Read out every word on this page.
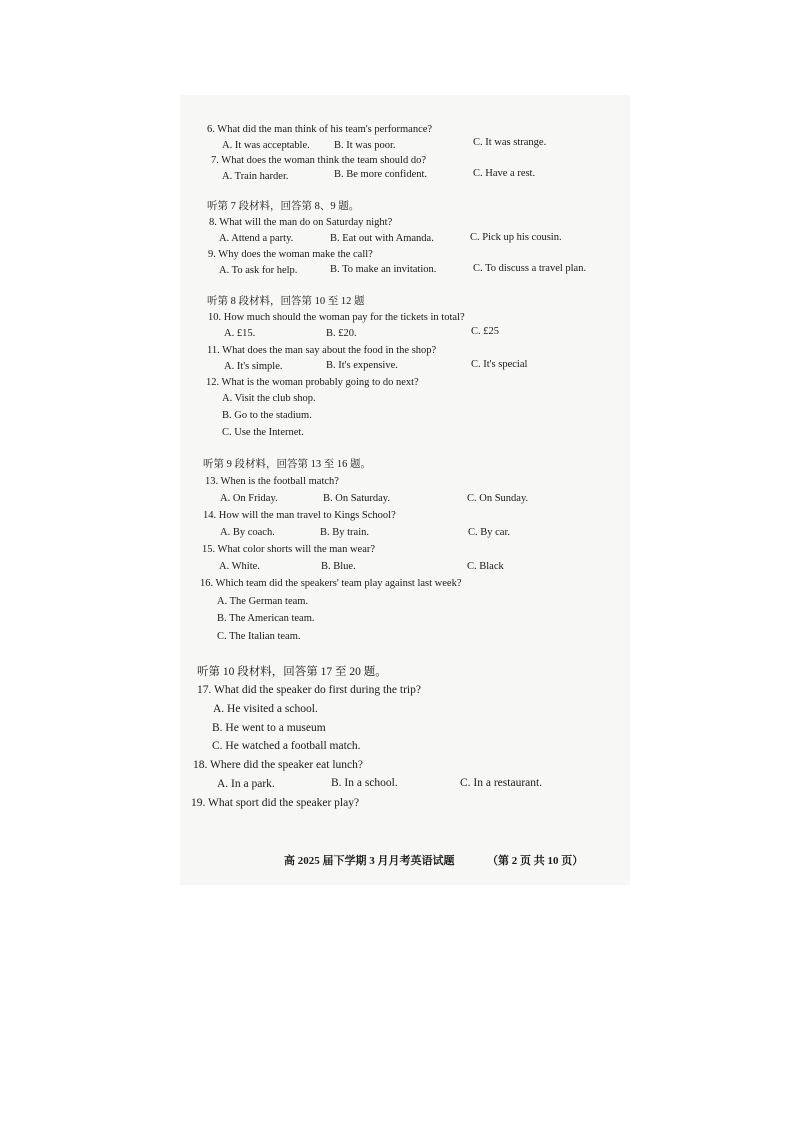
6. What did the man think of his team's performance?
A. It was acceptable. B. It was poor.	C. It was strange.
7. What does the woman think the team should do?
A. Train harder.	B. Be more confident.	C. Have a rest.
听第 7 段材料，回答第 8、9 题。
8. What will the man do on Saturday night?
A. Attend a party.	B. Eat out with Amanda.	C. Pick up his cousin.
9. Why does the woman make the call?
A. To ask for help.	B. To make an invitation.	C. To discuss a travel plan.
听第 8 段材料，回答第 10 至 12 题
10. How much should the woman pay for the tickets in total?
A. £15.	B. £20.	C. £25
11. What does the man say about the food in the shop?
A. It's simple.	B. It's expensive.	C. It's special
12. What is the woman probably going to do next?
A. Visit the club shop.
B. Go to the stadium.
C. Use the Internet.
听第 9 段材料，回答第 13 至 16 题。
13. When is the football match?
A. On Friday.	B. On Saturday.	C. On Sunday.
14. How will the man travel to Kings School?
A. By coach.	B. By train.	C. By car.
15. What color shorts will the man wear?
A. White.	B. Blue.	C. Black
16. Which team did the speakers' team play against last week?
A. The German team.
B. The American team.
C. The Italian team.
听第 10 段材料，回答第 17 至 20 题。
17. What did the speaker do first during the trip?
A. He visited a school.
B. He went to a museum
C. He watched a football match.
18. Where did the speaker eat lunch?
A. In a park.	B. In a school.	C. In a restaurant.
19. What sport did the speaker play?
高 2025 届下学期 3 月月考英语试题	（第 2 页 共 10 页）
